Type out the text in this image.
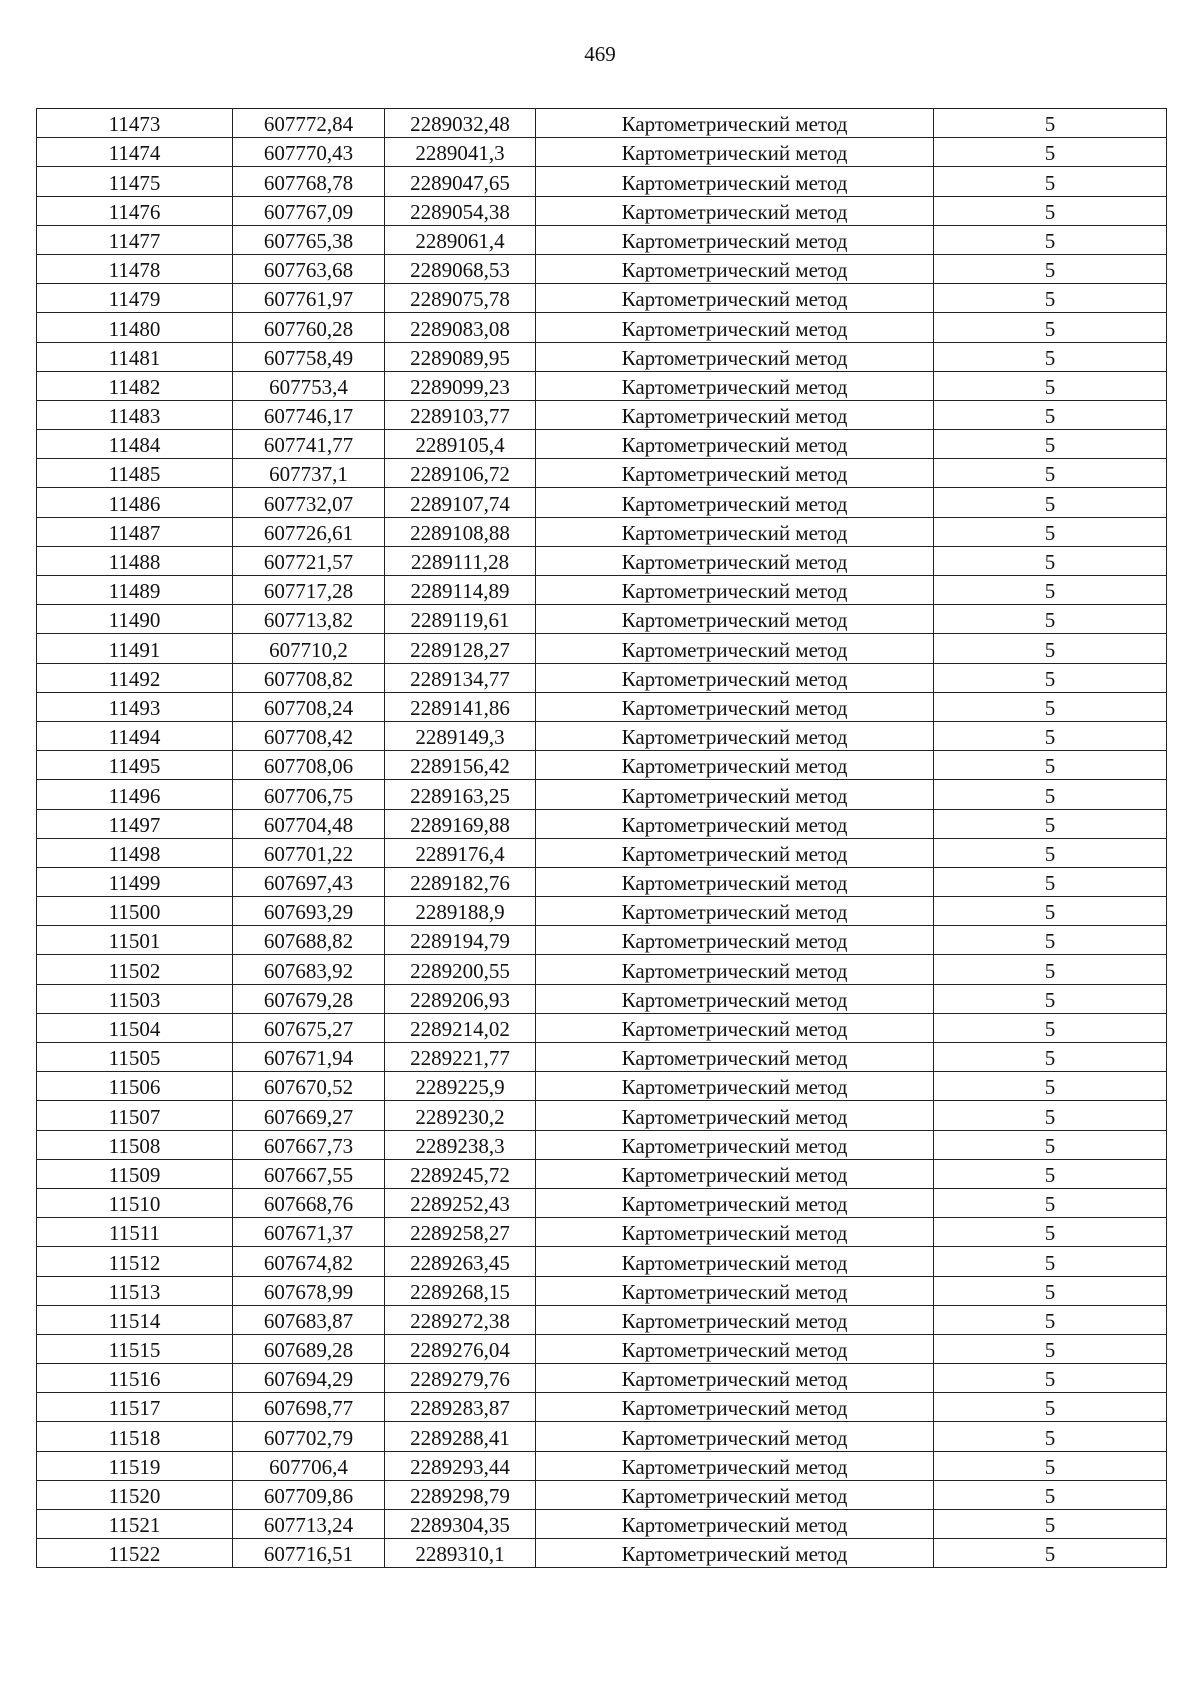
469
11473	607772,84	2289032,48	Картометрический метод	5
11474	607770,43	2289041,3	Картометрический метод	5
11475	607768,78	2289047,65	Картометрический метод	5
11476	607767,09	2289054,38	Картометрический метод	5
11477	607765,38	2289061,4	Картометрический метод	5
11478	607763,68	2289068,53	Картометрический метод	5
11479	607761,97	2289075,78	Картометрический метод	5
11480	607760,28	2289083,08	Картометрический метод	5
11481	607758,49	2289089,95	Картометрический метод	5
11482	607753,4	2289099,23	Картометрический метод	5
11483	607746,17	2289103,77	Картометрический метод	5
11484	607741,77	2289105,4	Картометрический метод	5
11485	607737,1	2289106,72	Картометрический метод	5
11486	607732,07	2289107,74	Картометрический метод	5
11487	607726,61	2289108,88	Картометрический метод	5
11488	607721,57	2289111,28	Картометрический метод	5
11489	607717,28	2289114,89	Картометрический метод	5
11490	607713,82	2289119,61	Картометрический метод	5
11491	607710,2	2289128,27	Картометрический метод	5
11492	607708,82	2289134,77	Картометрический метод	5
11493	607708,24	2289141,86	Картометрический метод	5
11494	607708,42	2289149,3	Картометрический метод	5
11495	607708,06	2289156,42	Картометрический метод	5
11496	607706,75	2289163,25	Картометрический метод	5
11497	607704,48	2289169,88	Картометрический метод	5
11498	607701,22	2289176,4	Картометрический метод	5
11499	607697,43	2289182,76	Картометрический метод	5
11500	607693,29	2289188,9	Картометрический метод	5
11501	607688,82	2289194,79	Картометрический метод	5
11502	607683,92	2289200,55	Картометрический метод	5
11503	607679,28	2289206,93	Картометрический метод	5
11504	607675,27	2289214,02	Картометрический метод	5
11505	607671,94	2289221,77	Картометрический метод	5
11506	607670,52	2289225,9	Картометрический метод	5
11507	607669,27	2289230,2	Картометрический метод	5
11508	607667,73	2289238,3	Картометрический метод	5
11509	607667,55	2289245,72	Картометрический метод	5
11510	607668,76	2289252,43	Картометрический метод	5
11511	607671,37	2289258,27	Картометрический метод	5
11512	607674,82	2289263,45	Картометрический метод	5
11513	607678,99	2289268,15	Картометрический метод	5
11514	607683,87	2289272,38	Картометрический метод	5
11515	607689,28	2289276,04	Картометрический метод	5
11516	607694,29	2289279,76	Картометрический метод	5
11517	607698,77	2289283,87	Картометрический метод	5
11518	607702,79	2289288,41	Картометрический метод	5
11519	607706,4	2289293,44	Картометрический метод	5
11520	607709,86	2289298,79	Картометрический метод	5
11521	607713,24	2289304,35	Картометрический метод	5
11522	607716,51	2289310,1	Картометрический метод	5
